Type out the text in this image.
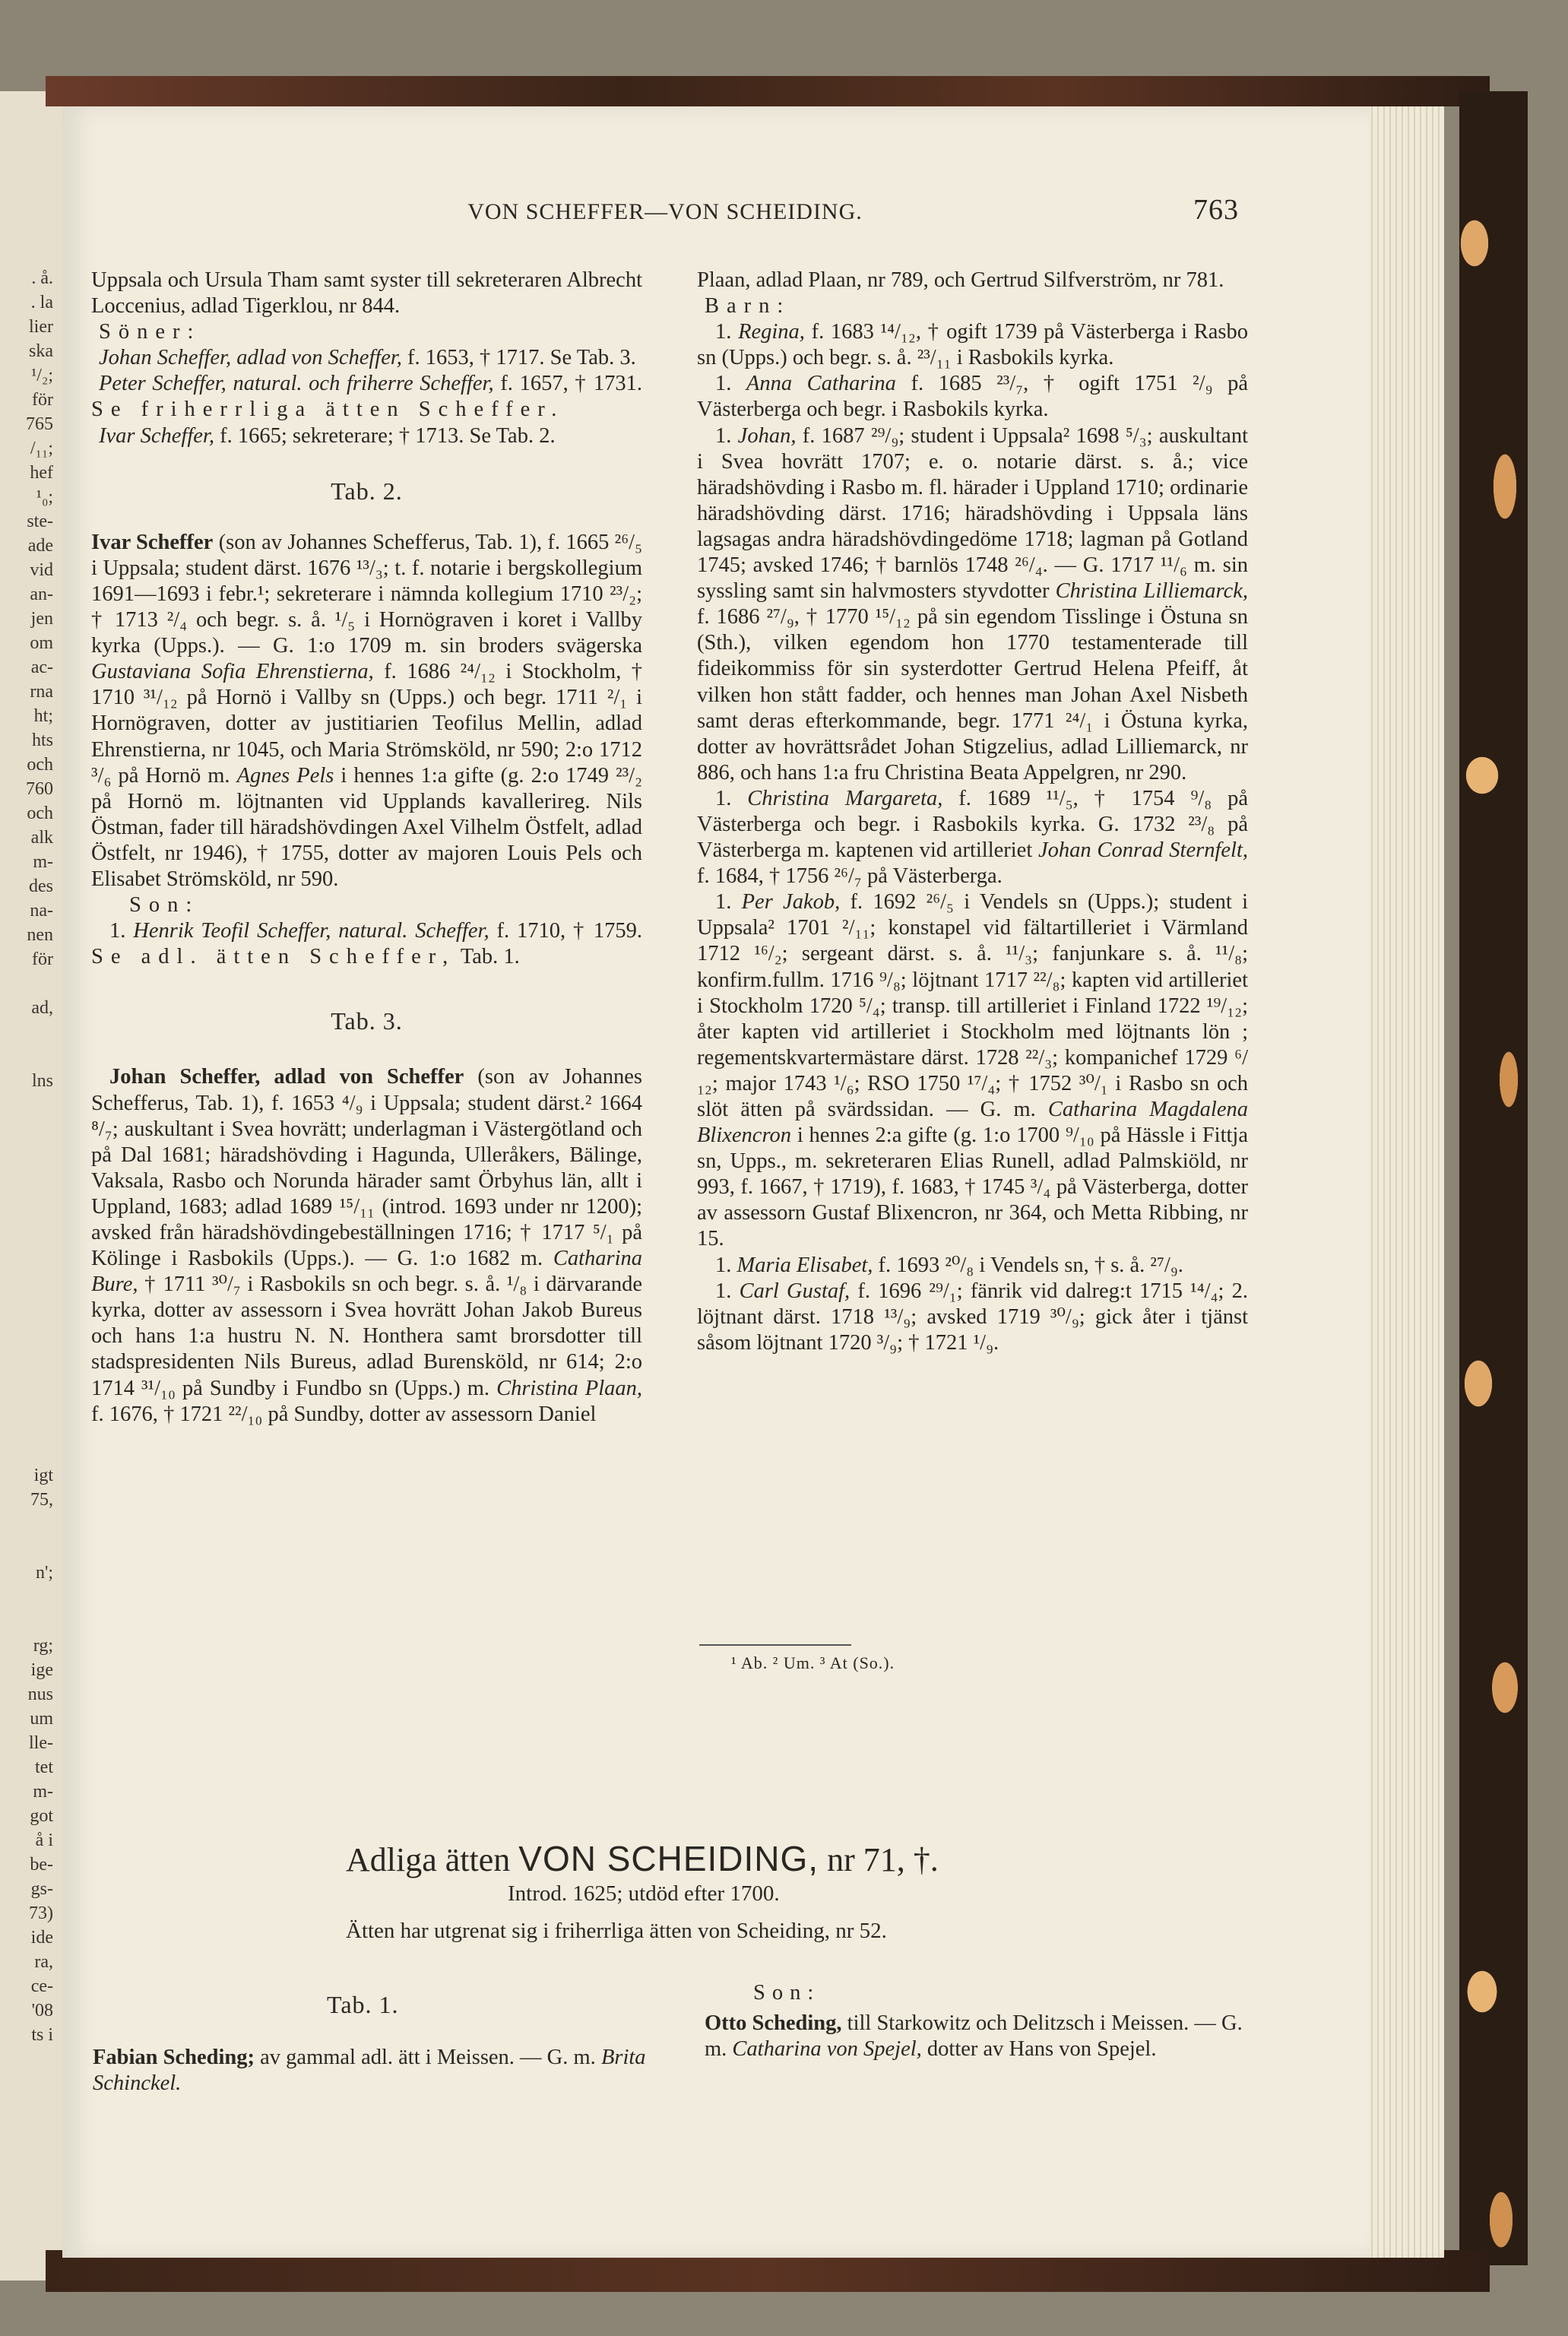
. å.
. la
lier
ska
¹/₂;
för
765
/₁₁;
hef
¹₀;
ste-
ade
vid
an-
jen
om
ac-
rna
ht;
hts
och
760
och
alk
m-
des
na-
nen
för

ad,

lns
igt
75,

n';

rg;
ige
nus
um
lle-
tet
m-
got
å i
be-
gs-
73)
ide
ra,
ce-
'08
ts i
VON SCHEFFER—VON SCHEIDING.	763

Uppsala och Ursula Tham samt syster till sekreteraren Albrecht Loccenius, adlad Tigerklou, nr 844.

Söner:

Johan Scheffer, adlad von Scheffer, f. 1653, † 1717. Se Tab. 3.

Peter Scheffer, natural. och friherre Scheffer, f. 1657, † 1731. Se friherrliga ätten Scheffer.

Ivar Scheffer, f. 1665; sekreterare; † 1713. Se Tab. 2.

Tab. 2.

Ivar Scheffer (son av Johannes Schefferus, Tab. 1), f. 1665 ²⁶/₅ i Uppsala; student därst. 1676 ¹³/₃; t. f. notarie i bergskollegium 1691—1693 i febr.¹; sekreterare i nämnda kollegium 1710 ²³/₂; † 1713 ²/₄ och begr. s. å. ¹/₅ i Hornögraven i koret i Vallby kyrka (Upps.). — G. 1:o 1709 m. sin broders svägerska Gustaviana Sofia Ehrenstierna, f. 1686 ²⁴/₁₂ i Stockholm, † 1710 ³¹/₁₂ på Hornö i Vallby sn (Upps.) och begr. 1711 ²/₁ i Hornögraven, dotter av justitiarien Teofilus Mellin, adlad Ehrenstierna, nr 1045, och Maria Strömsköld, nr 590; 2:o 1712 ³/₆ på Hornö m. Agnes Pels i hennes 1:a gifte (g. 2:o 1749 ²³/₂ på Hornö m. löjtnanten vid Upplands kavallerireg. Nils Östman, fader till häradshövdingen Axel Vilhelm Östfelt, adlad Östfelt, nr 1946), † 1755, dotter av majoren Louis Pels och Elisabet Strömsköld, nr 590.

Son:

1. Henrik Teofil Scheffer, natural. Scheffer, f. 1710, † 1759. Se adl. ätten Scheffer, Tab. 1.

Tab. 3.

Johan Scheffer, adlad von Scheffer (son av Johannes Schefferus, Tab. 1), f. 1653 ⁴/₉ i Uppsala; student därst.² 1664 ⁸/₇; auskultant i Svea hovrätt; underlagman i Västergötland och på Dal 1681; häradshövding i Hagunda, Ulleråkers, Bälinge, Vaksala, Rasbo och Norunda härader samt Örbyhus län, allt i Uppland, 1683; adlad 1689 ¹⁵/₁₁ (introd. 1693 under nr 1200); avsked från häradshövdingebeställningen 1716; † 1717 ⁵/₁ på Kölinge i Rasbokils (Upps.). — G. 1:o 1682 m. Catharina Bure, † 1711 ³⁰/₇ i Rasbokils sn och begr. s. å. ¹/₈ i därvarande kyrka, dotter av assessorn i Svea hovrätt Johan Jakob Bureus och hans 1:a hustru N. N. Honthera samt brorsdotter till stadspresidenten Nils Bureus, adlad Burensköld, nr 614; 2:o 1714 ³¹/₁₀ på Sundby i Fundbo sn (Upps.) m. Christina Plaan, f. 1676, † 1721 ²²/₁₀ på Sundby, dotter av assessorn Daniel

Plaan, adlad Plaan, nr 789, och Gertrud Silfverström, nr 781.

Barn:

1. Regina, f. 1683 ¹⁴/₁₂, † ogift 1739 på Västerberga i Rasbo sn (Upps.) och begr. s. å. ²³/₁₁ i Rasbokils kyrka.

1. Anna Catharina f. 1685 ²³/₇, † ogift 1751 ²/₉ på Västerberga och begr. i Rasbokils kyrka.

1. Johan, f. 1687 ²⁹/₉; student i Uppsala² 1698 ⁵/₃; auskultant i Svea hovrätt 1707; e. o. notarie därst. s. å.; vice häradshövding i Rasbo m. fl. härader i Uppland 1710; ordinarie häradshövding därst. 1716; häradshövding i Uppsala läns lagsagas andra häradshövdingedöme 1718; lagman på Gotland 1745; avsked 1746; † barnlös 1748 ²⁶/₄. — G. 1717 ¹¹/₆ m. sin syssling samt sin halvmosters styvdotter Christina Lilliemarck, f. 1686 ²⁷/₉, † 1770 ¹⁵/₁₂ på sin egendom Tisslinge i Östuna sn (Sth.), vilken egendom hon 1770 testamenterade till fideikommiss för sin systerdotter Gertrud Helena Pfeiff, åt vilken hon stått fadder, och hennes man Johan Axel Nisbeth samt deras efterkommande, begr. 1771 ²⁴/₁ i Östuna kyrka, dotter av hovrättsrådet Johan Stigzelius, adlad Lilliemarck, nr 886, och hans 1:a fru Christina Beata Appelgren, nr 290.

1. Christina Margareta, f. 1689 ¹¹/₅, † 1754 ⁹/₈ på Västerberga och begr. i Rasbokils kyrka. G. 1732 ²³/₈ på Västerberga m. kaptenen vid artilleriet Johan Conrad Sternfelt, f. 1684, † 1756 ²⁶/₇ på Västerberga.

1. Per Jakob, f. 1692 ²⁶/₅ i Vendels sn (Upps.); student i Uppsala² 1701 ²/₁₁; konstapel vid fältartilleriet i Värmland 1712 ¹⁶/₂; sergeant därst. s. å. ¹¹/₃; fanjunkare s. å. ¹¹/₈; konfirm.fullm. 1716 ⁹/₈; löjtnant 1717 ²²/₈; kapten vid artilleriet i Stockholm 1720 ⁵/₄; transp. till artilleriet i Finland 1722 ¹⁹/₁₂; åter kapten vid artilleriet i Stockholm med löjtnants lön ; regementskvartermästare därst. 1728 ²²/₃; kompanichef 1729 ⁶/₁₂; major 1743 ¹/₆; RSO 1750 ¹⁷/₄; † 1752 ³⁰/₁ i Rasbo sn och slöt ätten på svärdssidan. — G. m. Catharina Magdalena Blixencron i hennes 2:a gifte (g. 1:o 1700 ⁹/₁₀ på Hässle i Fittja sn, Upps., m. sekreteraren Elias Runell, adlad Palmskiöld, nr 993, f. 1667, † 1719), f. 1683, † 1745 ³/₄ på Västerberga, dotter av assessorn Gustaf Blixencron, nr 364, och Metta Ribbing, nr 15.

1. Maria Elisabet, f. 1693 ²⁰/₈ i Vendels sn, † s. å. ²⁷/₉.

1. Carl Gustaf, f. 1696 ²⁹/₁; fänrik vid dalreg:t 1715 ¹⁴/₄; 2. löjtnant därst. 1718 ¹³/₉; avsked 1719 ³⁰/₉; gick åter i tjänst såsom löjtnant 1720 ³/₉; † 1721 ¹/₉.

¹ Ab. ² Um. ³ At (So.).
Adliga ätten VON SCHEIDING, nr 71, †.
Introd. 1625; utdöd efter 1700.
Ätten har utgrenat sig i friherrliga ätten von Scheiding, nr 52.
Tab. 1.

Fabian Scheding; av gammal adl. ätt i Meissen. — G. m. Brita Schinckel.

Son:

Otto Scheding, till Starkowitz och Delitzsch i Meissen. — G. m. Catharina von Spejel, dotter av Hans von Spejel.
